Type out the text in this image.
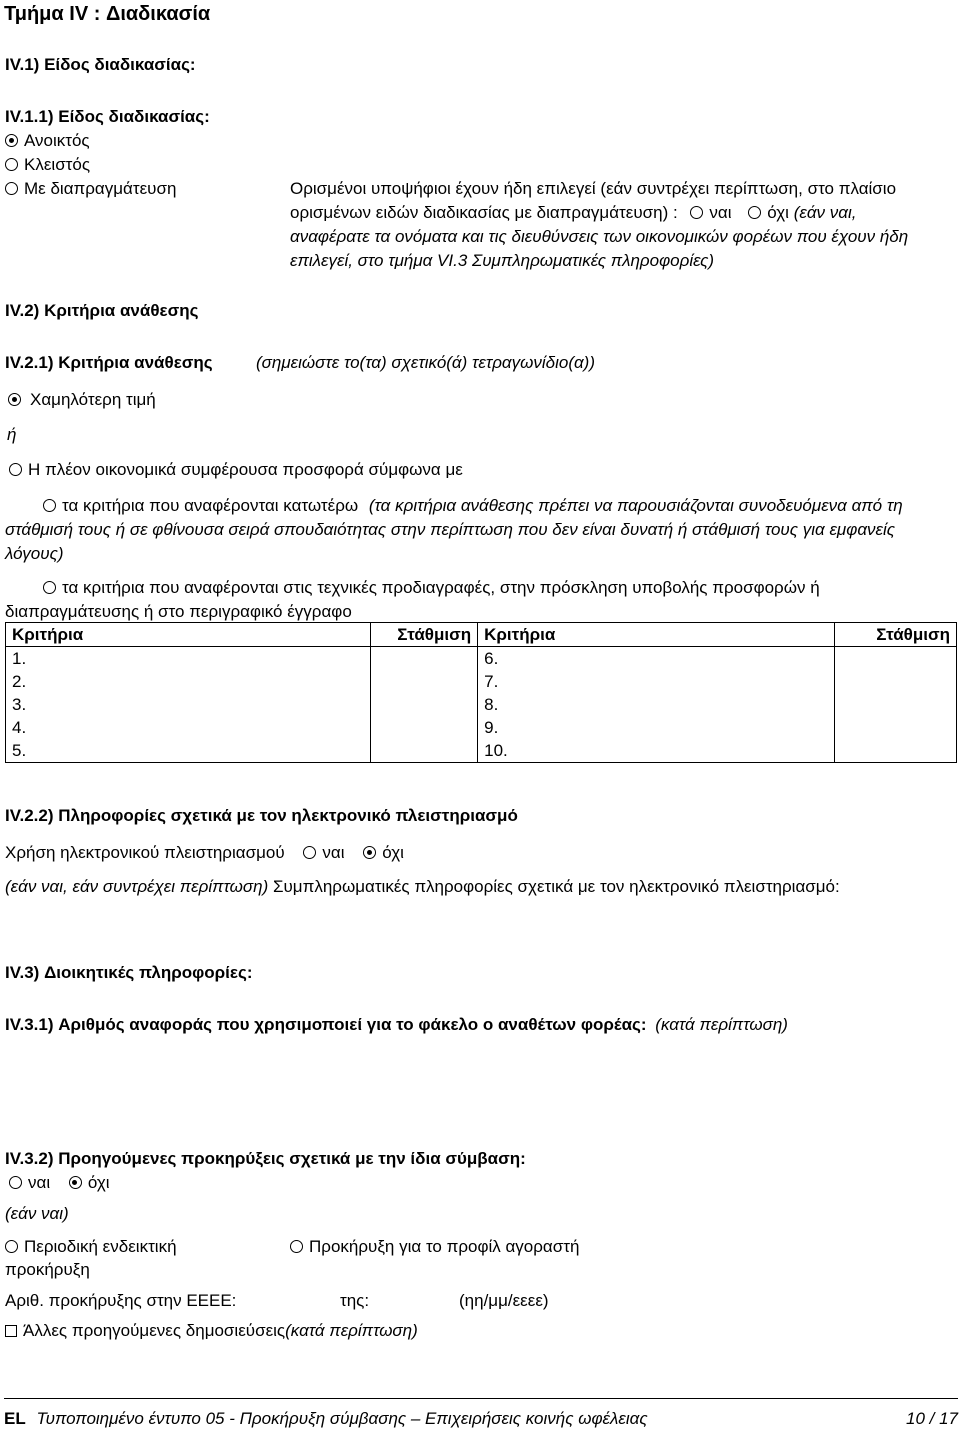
Τμήμα IV : Διαδικασία
IV.1) Είδος διαδικασίας:
IV.1.1) Είδος διαδικασίας:
Ανοικτός
Κλειστός
Με διαπραγμάτευση	Ορισμένοι υποψήφιοι έχουν ήδη επιλεγεί (εάν συντρέχει περίπτωση, στο πλαίσιο ορισμένων ειδών διαδικασίας με διαπραγμάτευση) : ναι όχι (εάν ναι, αναφέρατε τα ονόματα και τις διευθύνσεις των οικονομικών φορέων που έχουν ήδη επιλεγεί, στο τμήμα VI.3 Συμπληρωματικές πληροφορίες)
IV.2) Κριτήρια ανάθεσης
IV.2.1) Κριτήρια ανάθεσης	(σημειώστε το(τα) σχετικό(ά) τετραγωνίδιο(α))
Χαμηλότερη τιμή
ή
Η πλέον οικονομικά συμφέρουσα προσφορά σύμφωνα με
τα κριτήρια που αναφέρονται κατωτέρω (τα κριτήρια ανάθεσης πρέπει να παρουσιάζονται συνοδευόμενα από τη στάθμισή τους ή σε φθίνουσα σειρά σπουδαιότητας στην περίπτωση που δεν είναι δυνατή ή στάθμισή τους για εμφανείς λόγους)
τα κριτήρια που αναφέρονται στις τεχνικές προδιαγραφές, στην πρόσκληση υποβολής προσφορών ή διαπραγμάτευσης ή στο περιγραφικό έγγραφο
Κριτήρια	Στάθμιση	Κριτήρια	Στάθμιση
1.		6.	
2.		7.	
3.		8.	
4.		9.	
5.		10.	
IV.2.2) Πληροφορίες σχετικά με τον ηλεκτρονικό πλειστηριασμό
Χρήση ηλεκτρονικού πλειστηριασμού ναι όχι
(εάν ναι, εάν συντρέχει περίπτωση) Συμπληρωματικές πληροφορίες σχετικά με τον ηλεκτρονικό πλειστηριασμό:
IV.3) Διοικητικές πληροφορίες:
IV.3.1) Αριθμός αναφοράς που χρησιμοποιεί για το φάκελο ο αναθέτων φορέας: (κατά περίπτωση)
IV.3.2) Προηγούμενες προκηρύξεις σχετικά με την ίδια σύμβαση:
ναι όχι
(εάν ναι)
Περιοδική ενδεικτική προκήρυξη
Προκήρυξη για το προφίλ αγοραστή
Αριθ. προκήρυξης στην ΕΕΕΕ:	της:	(ηη/μμ/εεεε)
Άλλες προηγούμενες δημοσιεύσεις(κατά περίπτωση)
EL Τυποποιημένο έντυπο 05 - Προκήρυξη σύμβασης – Επιχειρήσεις κοινής ωφέλειας	10 / 17
